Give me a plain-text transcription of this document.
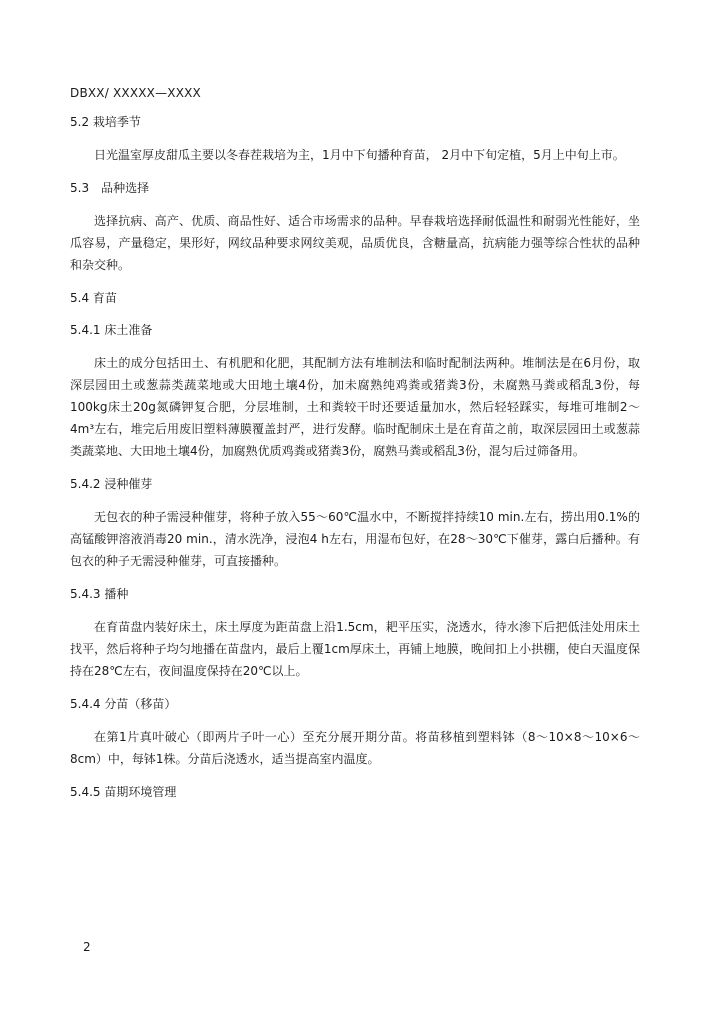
DBXX/ XXXXX—XXXX
5.2 栽培季节

日光温室厚皮甜瓜主要以冬春茬栽培为主，1月中下旬播种育苗， 2月中下旬定植，5月上中旬上市。

5.3　品种选择

选择抗病、高产、优质、商品性好、适合市场需求的品种。早春栽培选择耐低温性和耐弱光性能好，坐瓜容易，产量稳定，果形好，网纹品种要求网纹美观，品质优良，含糖量高，抗病能力强等综合性状的品种和杂交种。

5.4 育苗
5.4.1 床土准备

床土的成分包括田土、有机肥和化肥，其配制方法有堆制法和临时配制法两种。堆制法是在6月份，取深层园田土或葱蒜类蔬菜地或大田地土壤4份，加未腐熟纯鸡粪或猪粪3份，未腐熟马粪或稻乱3份，每100kg床土20g氮磷钾复合肥，分层堆制，土和粪较干时还要适量加水，然后轻轻踩实，每堆可堆制2～4m³左右，堆完后用废旧塑料薄膜覆盖封严，进行发酵。临时配制床土是在育苗之前，取深层园田土或葱蒜类蔬菜地、大田地土壤4份，加腐熟优质鸡粪或猪粪3份，腐熟马粪或稻乱3份，混匀后过筛备用。

5.4.2 浸种催芽

无包衣的种子需浸种催芽，将种子放入55～60℃温水中，不断搅拌持续10 min.左右，捞出用0.1%的高锰酸钾溶液消毒20 min.，清水洗净，浸泡4 h左右，用湿布包好，在28～30℃下催芽，露白后播种。有包衣的种子无需浸种催芽，可直接播种。

5.4.3 播种

在育苗盘内装好床土，床土厚度为距苗盘上沿1.5cm，耙平压实，浇透水，待水渗下后把低洼处用床土找平，然后将种子均匀地播在苗盘内，最后上覆1cm厚床土，再铺上地膜，晚间扣上小拱棚，使白天温度保持在28℃左右，夜间温度保持在20℃以上。

5.4.4 分苗（移苗）

在第1片真叶破心（即两片子叶一心）至充分展开期分苗。将苗移植到塑料钵（8～10×8～10×6～8cm）中，每钵1株。分苗后浇透水，适当提高室内温度。

5.4.5 苗期环境管理
2
